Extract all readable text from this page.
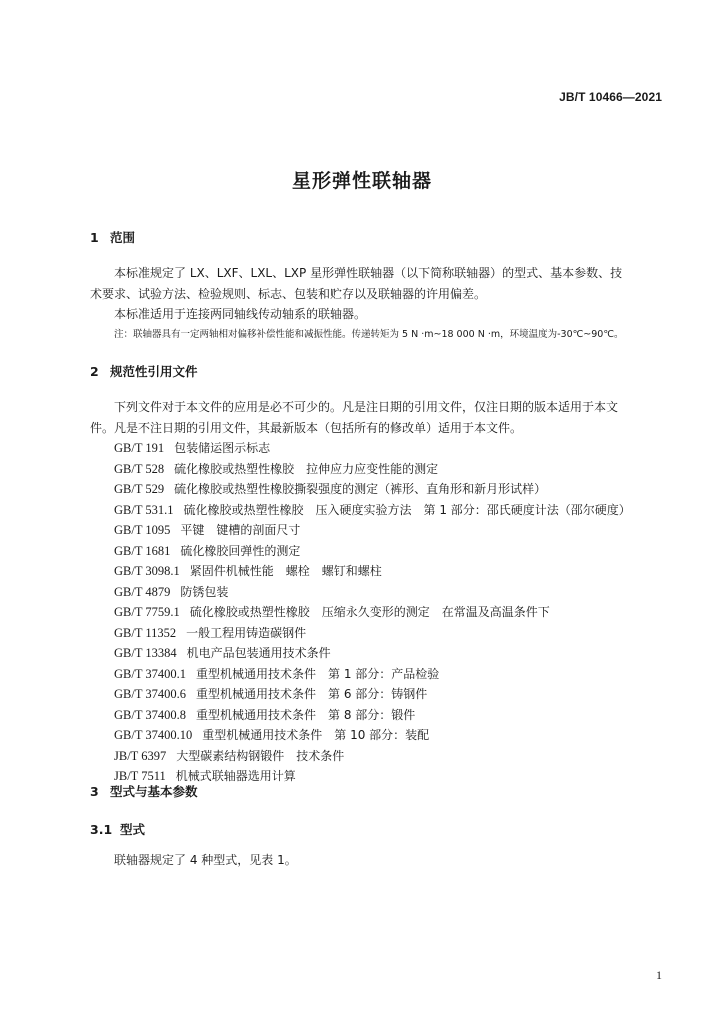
JB/T 10466—2021
星形弹性联轴器
1 范围
本标准规定了 LX、LXF、LXL、LXP 星形弹性联轴器（以下简称联轴器）的型式、基本参数、技
术要求、试验方法、检验规则、标志、包装和贮存以及联轴器的许用偏差。
本标准适用于连接两同轴线传动轴系的联轴器。
注：联轴器具有一定两轴相对偏移补偿性能和减振性能。传递转矩为 5 N ·m~18 000 N ·m，环境温度为-30℃~90℃。
2 规范性引用文件
下列文件对于本文件的应用是必不可少的。凡是注日期的引用文件，仅注日期的版本适用于本文
件。凡是不注日期的引用文件，其最新版本（包括所有的修改单）适用于本文件。
GB/T 191 包装储运图示标志
GB/T 528 硫化橡胶或热塑性橡胶　拉伸应力应变性能的测定
GB/T 529 硫化橡胶或热塑性橡胶撕裂强度的测定（裤形、直角形和新月形试样）
GB/T 531.1 硫化橡胶或热塑性橡胶　压入硬度实验方法　第 1 部分：邵氏硬度计法（邵尔硬度）
GB/T 1095 平键　键槽的剖面尺寸
GB/T 1681 硫化橡胶回弹性的测定
GB/T 3098.1 紧固件机械性能　螺栓　螺钉和螺柱
GB/T 4879 防锈包装
GB/T 7759.1 硫化橡胶或热塑性橡胶　压缩永久变形的测定　在常温及高温条件下
GB/T 11352 一般工程用铸造碳钢件
GB/T 13384 机电产品包装通用技术条件
GB/T 37400.1 重型机械通用技术条件　第 1 部分：产品检验
GB/T 37400.6 重型机械通用技术条件　第 6 部分：铸钢件
GB/T 37400.8 重型机械通用技术条件　第 8 部分：锻件
GB/T 37400.10 重型机械通用技术条件　第 10 部分：装配
JB/T 6397 大型碳素结构钢锻件　技术条件
JB/T 7511 机械式联轴器选用计算
3 型式与基本参数
3.1 型式
联轴器规定了 4 种型式，见表 1。
1
